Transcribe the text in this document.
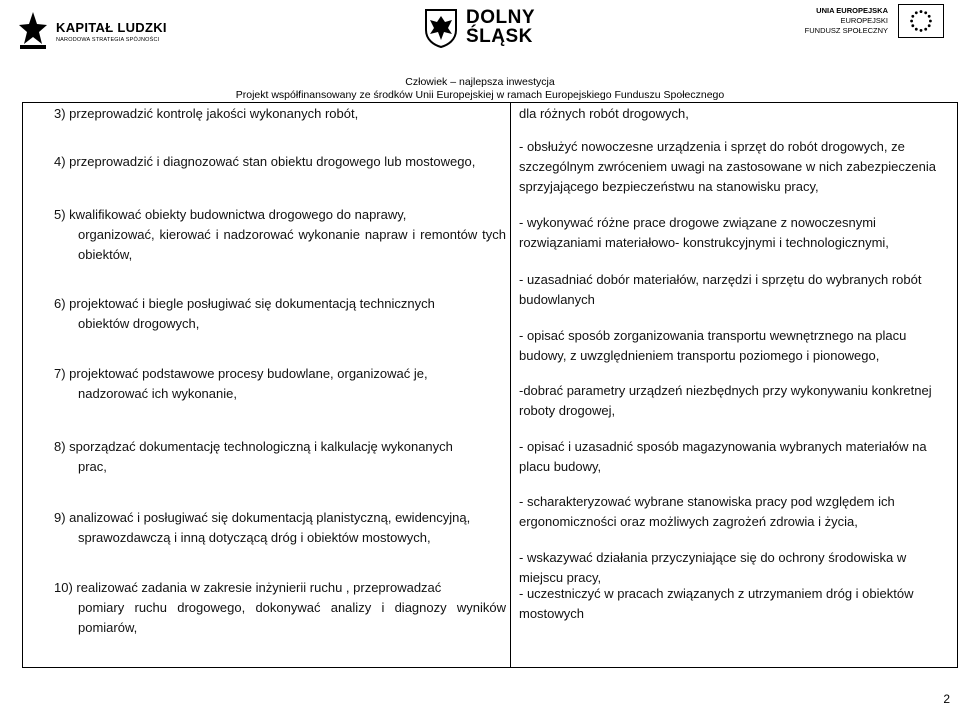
KAPITAŁ LUDZKI
NARODOWA STRATEGIA SPÓJNOŚCI
DOLNY
ŚLĄSK
UNIA EUROPEJSKA
EUROPEJSKI
FUNDUSZ SPOŁECZNY
Człowiek – najlepsza inwestycja
Projekt współfinansowany ze środków Unii Europejskiej w ramach Europejskiego Funduszu Społecznego
3) przeprowadzić kontrolę jakości wykonanych robót,
4) przeprowadzić i diagnozować stan obiektu drogowego lub mostowego,
5) kwalifikować obiekty budownictwa drogowego do naprawy,
organizować, kierować i nadzorować wykonanie napraw i remontów tych obiektów,
6) projektować i biegle posługiwać się dokumentacją technicznych
obiektów drogowych,
7) projektować podstawowe procesy budowlane, organizować je,
nadzorować ich wykonanie,
8) sporządzać dokumentację technologiczną i kalkulację wykonanych
prac,
9) analizować i posługiwać się dokumentacją planistyczną, ewidencyjną,
sprawozdawczą i inną dotyczącą dróg i obiektów mostowych,
10) realizować zadania w zakresie inżynierii ruchu , przeprowadzać
pomiary ruchu drogowego, dokonywać analizy i diagnozy wyników pomiarów,
dla różnych robót drogowych,
- obsłużyć nowoczesne urządzenia i sprzęt do robót drogowych, ze szczególnym zwróceniem uwagi na zastosowane w nich zabezpieczenia sprzyjającego bezpieczeństwu na stanowisku pracy,
- wykonywać różne prace drogowe związane z nowoczesnymi rozwiązaniami materiałowo- konstrukcyjnymi i technologicznymi,
- uzasadniać dobór materiałów, narzędzi i sprzętu do wybranych robót budowlanych
- opisać sposób zorganizowania transportu wewnętrznego na placu budowy, z uwzględnieniem transportu poziomego i pionowego,
-dobrać parametry urządzeń niezbędnych przy wykonywaniu konkretnej roboty drogowej,
- opisać i uzasadnić sposób magazynowania wybranych materiałów na placu budowy,
- scharakteryzować wybrane stanowiska pracy pod względem ich ergonomiczności oraz możliwych zagrożeń zdrowia i życia,
- wskazywać działania przyczyniające się do ochrony środowiska w miejscu pracy,
- uczestniczyć w pracach związanych z utrzymaniem dróg i obiektów mostowych
2
